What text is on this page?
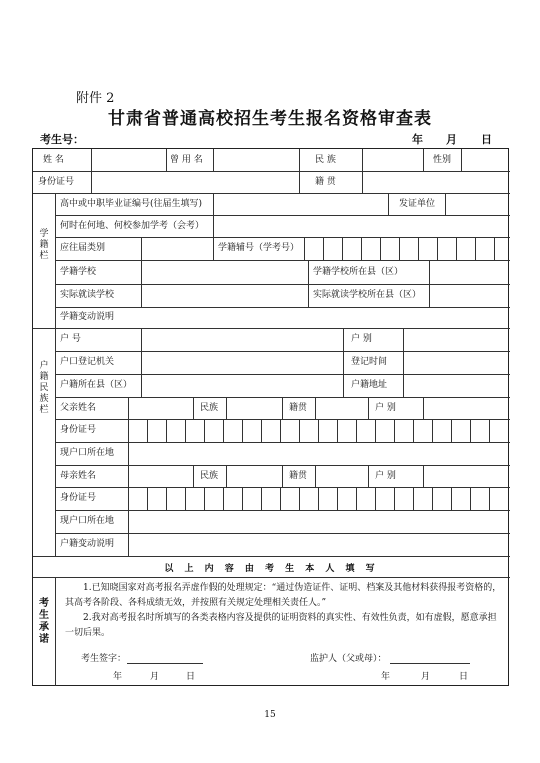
附件 2
甘肃省普通高校招生考生报名资格审查表
考生号：	年 月 日
姓 名	曾 用 名	民 族	性别
身份证号	籍 贯
学籍栏
高中或中职毕业证编号(往届生填写)	发证单位
何时在何地、何校参加学考（会考）
应往届类别	学籍辅号（学考号）
学籍学校	学籍学校所在县（区）
实际就读学校	实际就读学校所在县（区）
学籍变动说明
户籍民族栏
户 号	户 别
户口登记机关	登记时间
户籍所在县（区）	户籍地址
父亲姓名	民族	籍贯	户 别
身份证号
现户口所在地
母亲姓名	民族	籍贯	户 别
身份证号
现户口所在地
户籍变动说明
以 上 内 容 由 考 生 本 人 填 写
考生承诺
1.已知晓国家对高考报名弄虚作假的处理规定：“通过伪造证件、证明、档案及其他材料获得报考资格的，其高考各阶段、各科成绩无效，并按照有关规定处理相关责任人。”
2.我对高考报名时所填写的各类表格内容及提供的证明资料的真实性、有效性负责，如有虚假，愿意承担一切后果。
考生签字：	监护人（父或母）：
年	月	日	年	月	日
15
